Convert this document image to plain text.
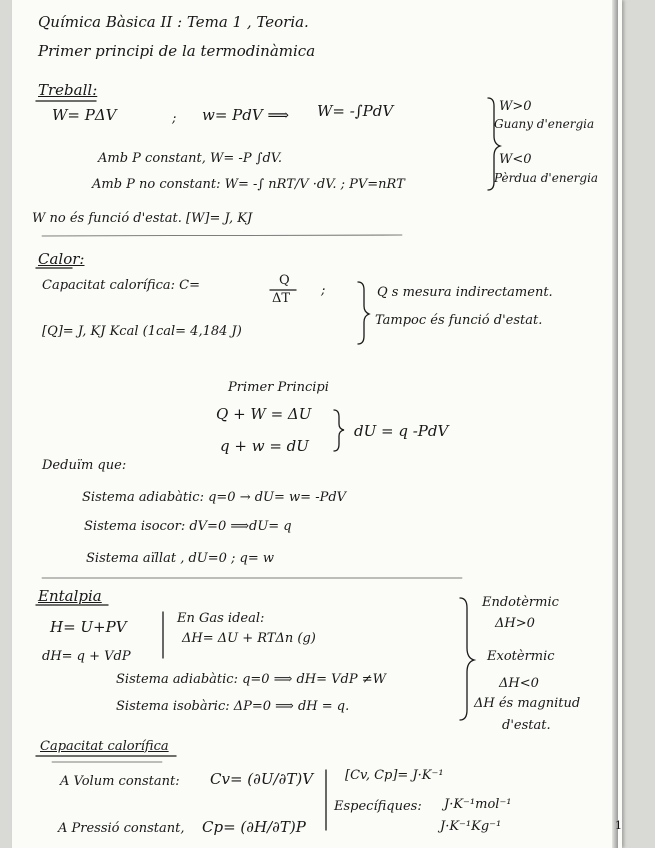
Química Bàsica II : Tema 1 , Teoria.
Primer principi de la termodinàmica
Treball:
W= PΔV	; w= PdV ⟹ W= -∫PdV	W>0
Guany d'energia
W<0
Pèrdua d'energia
Amb P constant, W= -P ∫dV.
Amb P no constant: W= -∫ nRT/V ·dV. ; PV=nRT
W no és funció d'estat. [W]= J, KJ
Calor:
Capacitat calorífica: C=	Q
ΔT
;
[Q]= J, KJ Kcal (1cal= 4,184 J)
Q s mesura indirectament.
Tampoc és funció d'estat.
Primer Principi
Q + W = ΔU
q + w = dU
dU = q -PdV
Deduïm que:
Sistema adiabàtic: q=0 → dU= w= -PdV
Sistema isocor: dV=0 ⟹dU= q
Sistema aïllat , dU=0 ; q= w
Entalpia
H= U+PV
dH= q + VdP
En Gas ideal:
ΔH= ΔU + RTΔn (g)
Sistema adiabàtic: q=0 ⟹ dH= VdP ≠W
Sistema isobàric: ΔP=0 ⟹ dH = q.
Endotèrmic
ΔH>0
Exotèrmic
ΔH<0
ΔH és magnitud
d'estat.
Capacitat calorífica
A Volum constant: Cv= (∂U/∂T)V
A Pressió constant, Cp= (∂H/∂T)P
[Cv, Cp]= J·K⁻¹
Específiques: J·K⁻¹mol⁻¹
J·K⁻¹Kg⁻¹	1
